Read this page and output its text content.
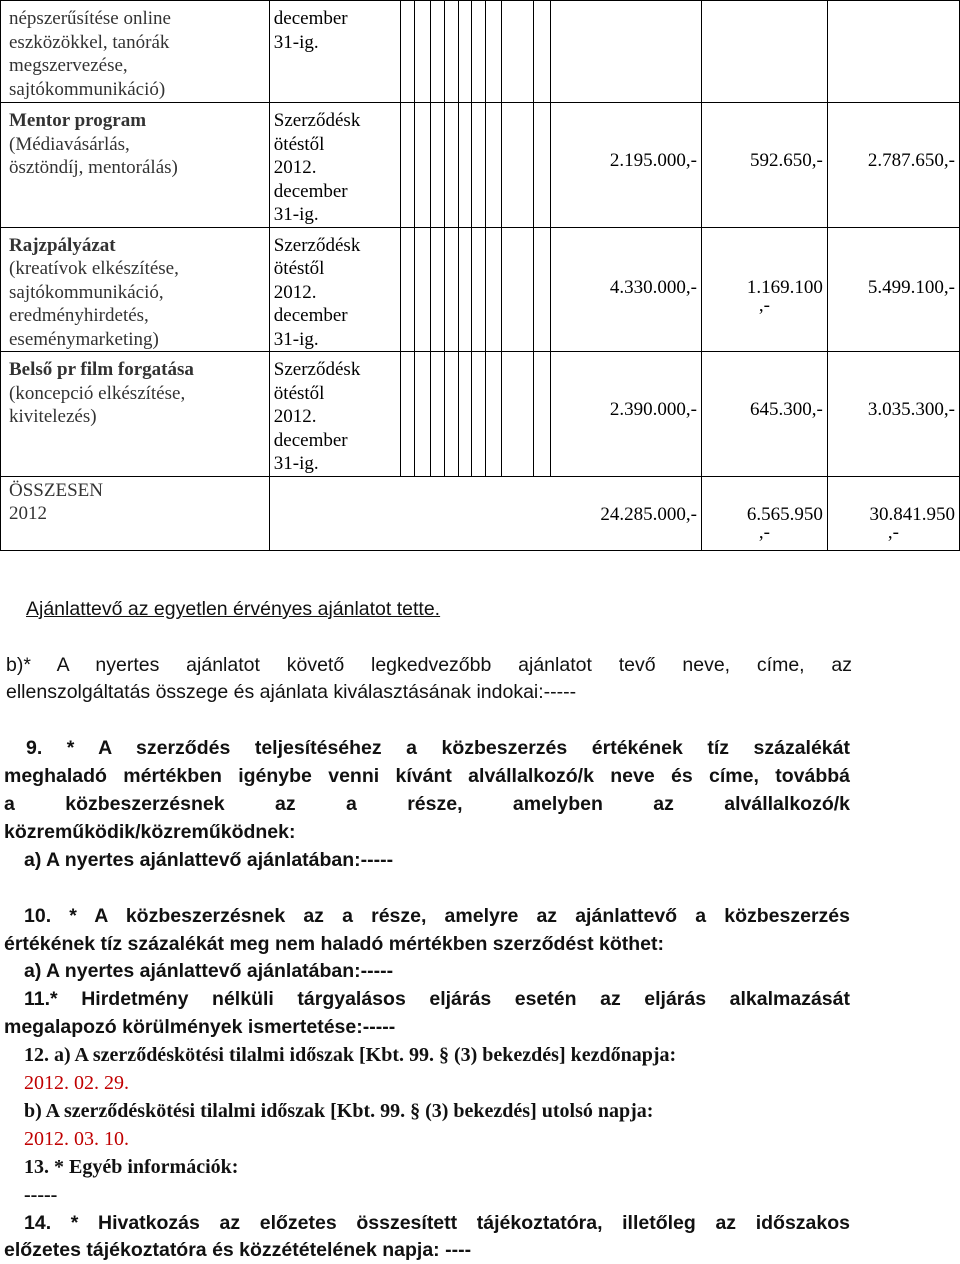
népszerűsítése online
eszközökkel, tanórák
megszervezése,
sajtókommunikáció)	december
31-ig.												

Mentor program
(Médiavásárlás,
ösztöndíj, mentorálás)	Szerződésk
ötéstől
2012.
december
31-ig.										2.195.000,-	592.650,-	2.787.650,-

Rajzpályázat
(kreatívok elkészítése,
sajtókommunikáció,
eredményhirdetés,
eseménymarketing)	Szerződésk
ötéstől
2012.
december
31-ig.										4.330.000,-	1.169.100
,-	5.499.100,-

Belső pr film forgatása
(koncepció elkészítése,
kivitelezés)	Szerződésk
ötéstől
2012.
december
31-ig.										2.390.000,-	645.300,-	3.035.300,-

ÖSSZESEN
2012	24.285.000,-											6.565.950
,-	30.841.950
,-
Ajánlattevő az egyetlen érvényes ajánlatot tette.
b)* A nyertes ajánlatot követő legkedvezőbb ajánlatot tevő neve, címe, az
ellenszolgáltatás összege és ajánlata kiválasztásának indokai:-----
9. * A szerződés teljesítéséhez a közbeszerzés értékének tíz százalékát
meghaladó mértékben igénybe venni kívánt alvállalkozó/k neve és címe, továbbá
a közbeszerzésnek az a része, amelyben az alvállalkozó/k
közreműködik/közreműködnek:
a) A nyertes ajánlattevő ajánlatában:-----
10. * A közbeszerzésnek az a része, amelyre az ajánlattevő a közbeszerzés
értékének tíz százalékát meg nem haladó mértékben szerződést köthet:
a) A nyertes ajánlattevő ajánlatában:-----
11.* Hirdetmény nélküli tárgyalásos eljárás esetén az eljárás alkalmazását
megalapozó körülmények ismertetése:-----
12. a) A szerződéskötési tilalmi időszak [Kbt. 99. § (3) bekezdés] kezdőnapja:
2012. 02. 29.
b) A szerződéskötési tilalmi időszak [Kbt. 99. § (3) bekezdés] utolsó napja:
2012. 03. 10.
13. * Egyéb információk:
-----
14. * Hivatkozás az előzetes összesített tájékoztatóra, illetőleg az időszakos
előzetes tájékoztatóra és közzétételének napja: ----
